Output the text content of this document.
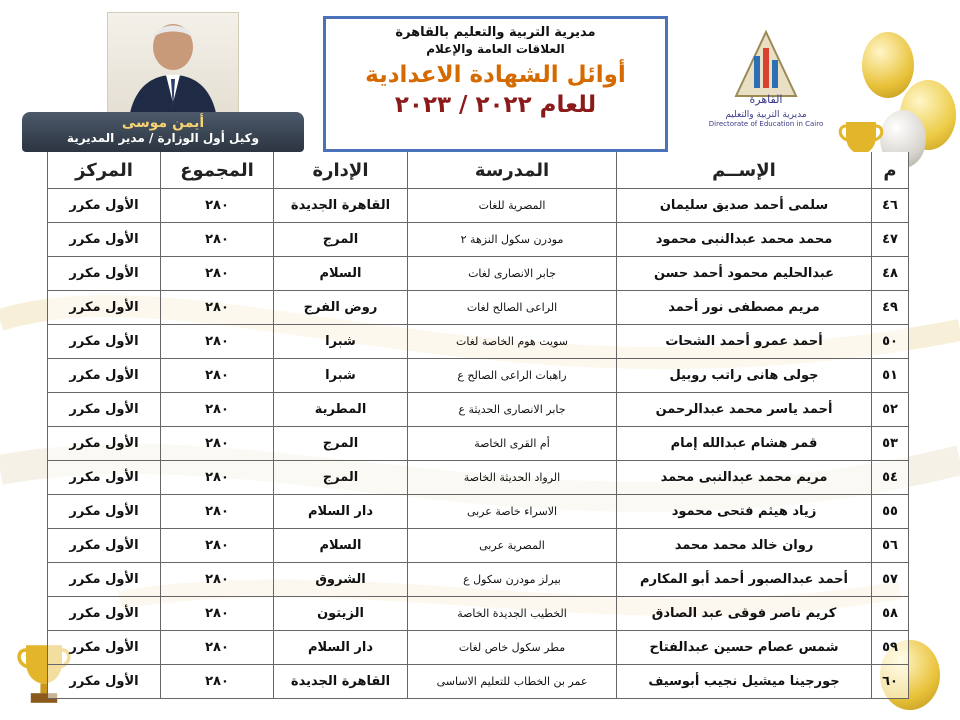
أيمن موسى
وكيل أول الوزارة / مدير المديرية
مديرية التربية والتعليم بالقاهرة
العلاقات العامة والإعلام
أوائل الشهادة الاعدادية
للعام ٢٠٢٢ / ٢٠٢٣	القاهرة
مديرية التربية والتعليم
Directorate of Education in Cairo
م	الإســم	المدرسة	الإدارة	المجموع	المركز
٤٦	سلمى أحمد صديق سليمان	المصرية للغات	القاهرة الجديدة	٢٨٠	الأول مكرر
٤٧	محمد محمد عبدالنبى محمود	مودرن سكول النزهة ٢	المرج	٢٨٠	الأول مكرر
٤٨	عبدالحليم محمود أحمد حسن	جابر الانصارى لغات	السلام	٢٨٠	الأول مكرر
٤٩	مريم مصطفى نور أحمد	الراعى الصالح لغات	روض الفرج	٢٨٠	الأول مكرر
٥٠	أحمد عمرو أحمد الشحات	سويت هوم الخاصة لغات	شبرا	٢٨٠	الأول مكرر
٥١	جولى هانى راتب روبيل	راهبات الراعى الصالح ع	شبرا	٢٨٠	الأول مكرر
٥٢	أحمد ياسر محمد عبدالرحمن	جابر الانصارى الحديثة ع	المطرية	٢٨٠	الأول مكرر
٥٣	قمر هشام عبدالله إمام	أم القرى الخاصة	المرج	٢٨٠	الأول مكرر
٥٤	مريم محمد عبدالنبى محمد	الرواد الحديثة الخاصة	المرج	٢٨٠	الأول مكرر
٥٥	زياد هيثم فتحى محمود	الاسراء خاصة عربى	دار السلام	٢٨٠	الأول مكرر
٥٦	روان خالد محمد محمد	المصرية عربى	السلام	٢٨٠	الأول مكرر
٥٧	أحمد عبدالصبور أحمد أبو المكارم	بيرلز مودرن سكول ع	الشروق	٢٨٠	الأول مكرر
٥٨	كريم ناصر فوقى عبد الصادق	الخطيب الجديدة الخاصة	الزيتون	٢٨٠	الأول مكرر
٥٩	شمس عصام حسين عبدالفتاح	مطر سكول خاص لغات	دار السلام	٢٨٠	الأول مكرر
٦٠	جورجينا ميشيل نجيب أبوسيف	عمر بن الخطاب للتعليم الاساسى	القاهرة الجديدة	٢٨٠	الأول مكرر
